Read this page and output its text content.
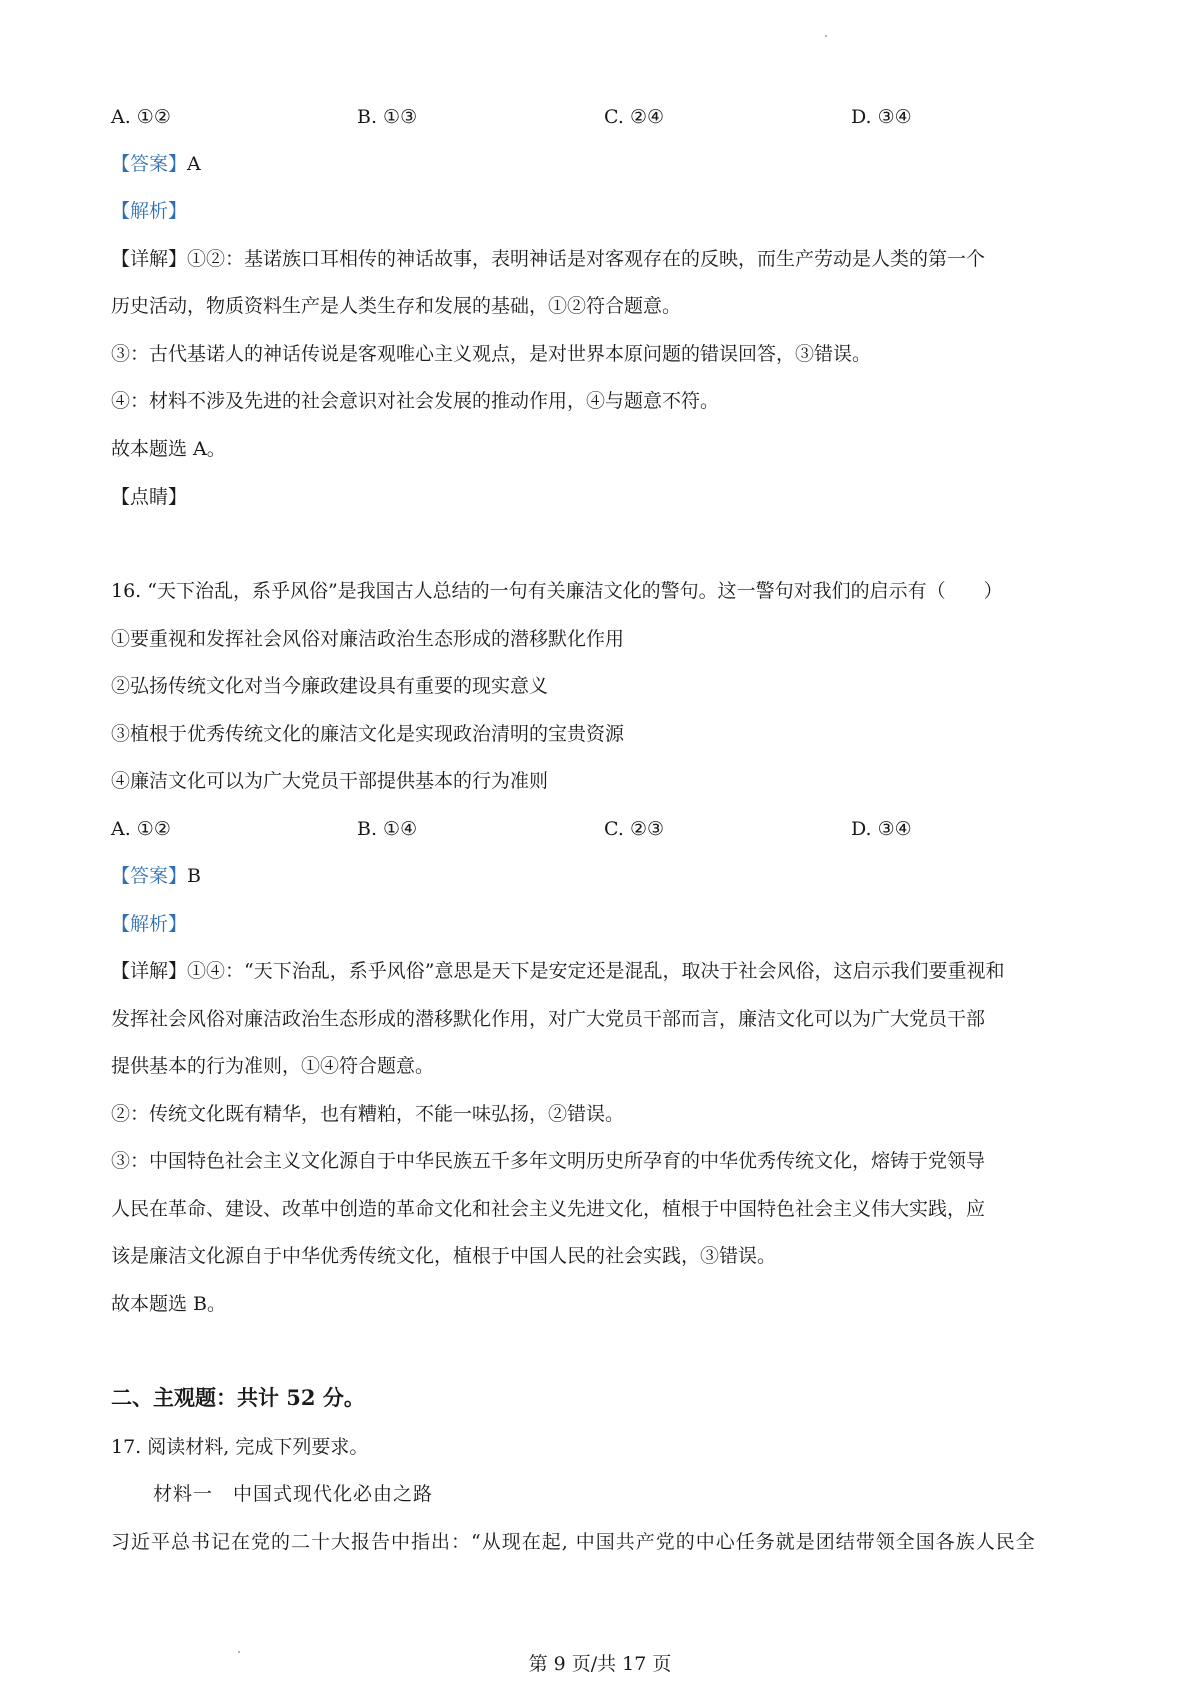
A. ①②	B. ①③	C. ②④	D. ③④
【答案】A
【解析】
【详解】①②：基诺族口耳相传的神话故事，表明神话是对客观存在的反映，而生产劳动是人类的第一个
历史活动，物质资料生产是人类生存和发展的基础，①②符合题意。
③：古代基诺人的神话传说是客观唯心主义观点，是对世界本原问题的错误回答，③错误。
④：材料不涉及先进的社会意识对社会发展的推动作用，④与题意不符。
故本题选 A。
【点睛】
16. “天下治乱，系乎风俗”是我国古人总结的一句有关廉洁文化的警句。这一警句对我们的启示有（　　）
①要重视和发挥社会风俗对廉洁政治生态形成的潜移默化作用
②弘扬传统文化对当今廉政建设具有重要的现实意义
③植根于优秀传统文化的廉洁文化是实现政治清明的宝贵资源
④廉洁文化可以为广大党员干部提供基本的行为准则
A. ①②	B. ①④	C. ②③	D. ③④
【答案】B
【解析】
【详解】①④：“天下治乱，系乎风俗”意思是天下是安定还是混乱，取决于社会风俗，这启示我们要重视和
发挥社会风俗对廉洁政治生态形成的潜移默化作用，对广大党员干部而言，廉洁文化可以为广大党员干部
提供基本的行为准则，①④符合题意。
②：传统文化既有精华，也有糟粕，不能一味弘扬，②错误。
③：中国特色社会主义文化源自于中华民族五千多年文明历史所孕育的中华优秀传统文化，熔铸于党领导
人民在革命、建设、改革中创造的革命文化和社会主义先进文化，植根于中国特色社会主义伟大实践，应
该是廉洁文化源自于中华优秀传统文化，植根于中国人民的社会实践，③错误。
故本题选 B。
二、主观题：共计 52 分。
17. 阅读材料, 完成下列要求。
材料一　中国式现代化必由之路
习近平总书记在党的二十大报告中指出：“从现在起, 中国共产党的中心任务就是团结带领全国各族人民全
第 9 页/共 17 页
